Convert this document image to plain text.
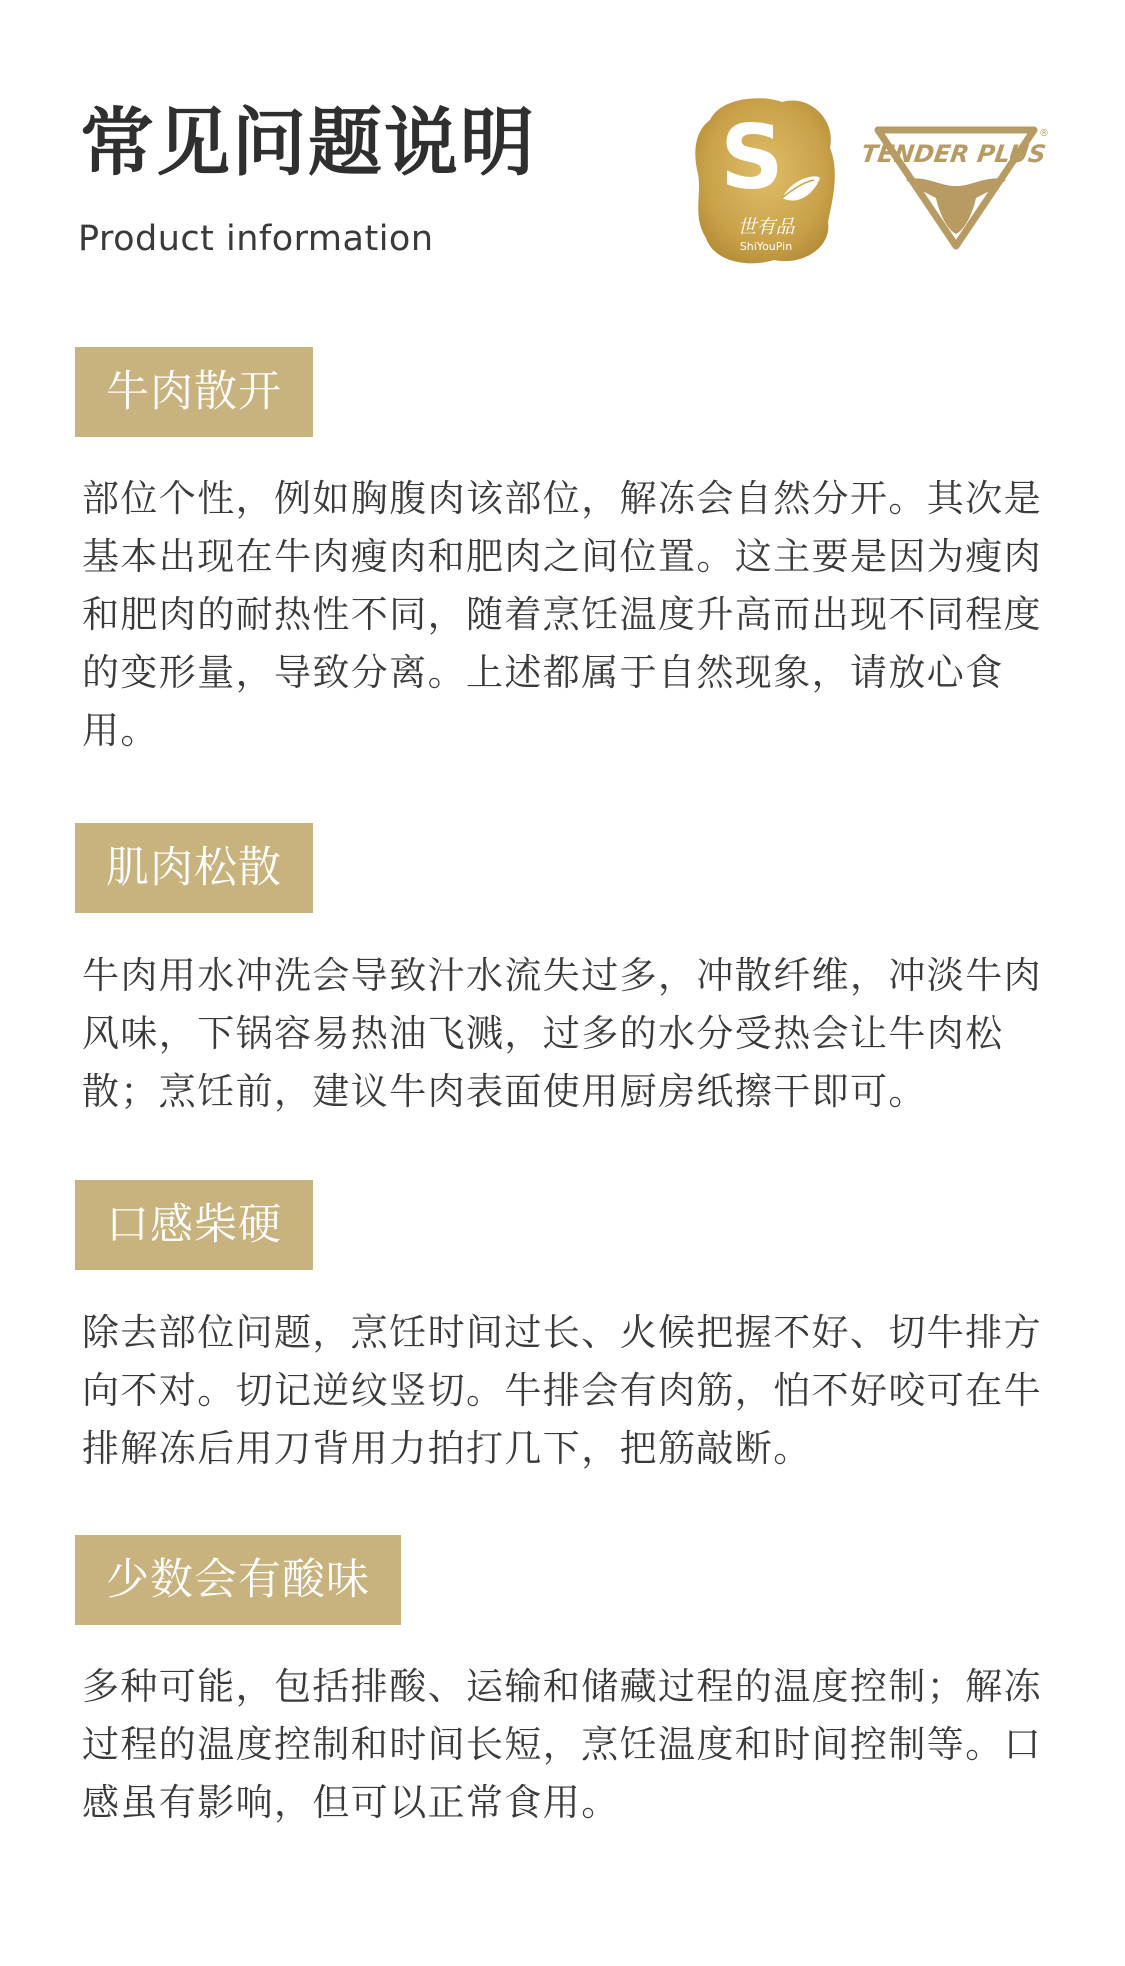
常见问题说明
Product information
S
世有品
ShiYouPin
TENDER PLUS
®
牛肉散开

部位个性，例如胸腹肉该部位，解冻会自然分开。其次是基本出现在牛肉瘦肉和肥肉之间位置。这主要是因为瘦肉和肥肉的耐热性不同，随着烹饪温度升高而出现不同程度的变形量，导致分离。上述都属于自然现象，请放心食用。

肌肉松散

牛肉用水冲洗会导致汁水流失过多，冲散纤维，冲淡牛肉风味，下锅容易热油飞溅，过多的水分受热会让牛肉松散；烹饪前，建议牛肉表面使用厨房纸擦干即可。

口感柴硬

除去部位问题，烹饪时间过长、火候把握不好、切牛排方向不对。切记逆纹竖切。牛排会有肉筋，怕不好咬可在牛排解冻后用刀背用力拍打几下，把筋敲断。

少数会有酸味

多种可能，包括排酸、运输和储藏过程的温度控制；解冻过程的温度控制和时间长短，烹饪温度和时间控制等。口感虽有影响，但可以正常食用。
